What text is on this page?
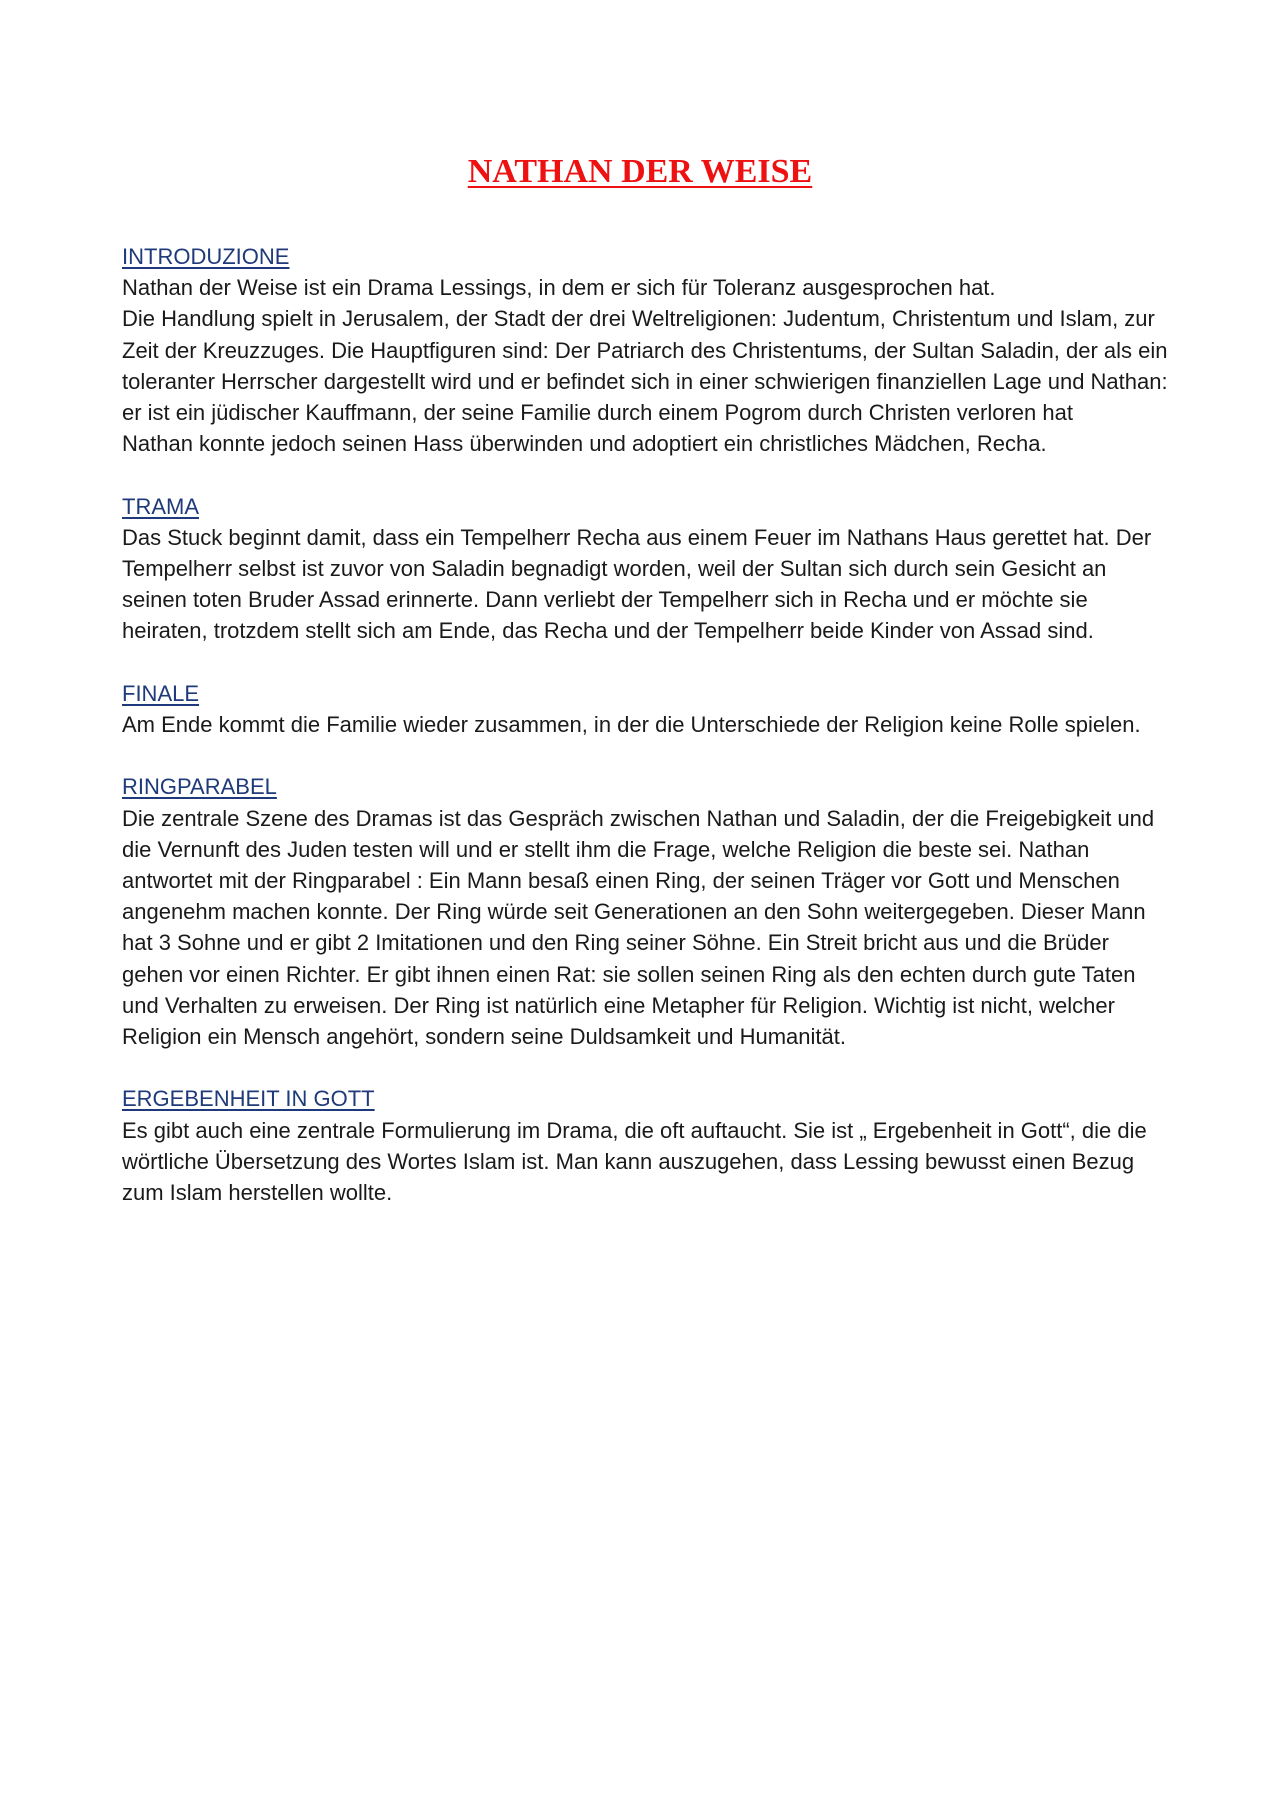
NATHAN DER WEISE
INTRODUZIONE
Nathan der Weise ist ein Drama Lessings, in dem er sich für Toleranz ausgesprochen hat.
Die Handlung spielt in Jerusalem, der Stadt der drei Weltreligionen: Judentum, Christentum und Islam, zur Zeit der Kreuzzuges. Die Hauptfiguren sind: Der Patriarch des Christentums, der Sultan Saladin, der als ein toleranter Herrscher dargestellt wird und er befindet sich in einer schwierigen finanziellen Lage und Nathan: er ist ein jüdischer Kauffmann, der seine Familie durch einem Pogrom durch Christen verloren hat
Nathan konnte jedoch seinen Hass überwinden und adoptiert ein christliches Mädchen, Recha.
TRAMA
Das Stuck beginnt damit, dass ein Tempelherr Recha aus einem Feuer im Nathans Haus gerettet hat. Der Tempelherr selbst ist zuvor von Saladin begnadigt worden, weil der Sultan sich durch sein Gesicht an seinen toten Bruder Assad erinnerte. Dann verliebt der Tempelherr sich in Recha und er möchte sie heiraten, trotzdem stellt sich am Ende, das Recha und der Tempelherr beide Kinder von Assad sind.
FINALE
Am Ende kommt die Familie wieder zusammen, in der die Unterschiede der Religion keine Rolle spielen.
RINGPARABEL
Die zentrale Szene des Dramas ist das Gespräch zwischen Nathan und Saladin, der die Freigebigkeit und die Vernunft des Juden testen will und er stellt ihm die Frage, welche Religion die beste sei. Nathan antwortet mit der Ringparabel : Ein Mann besaß einen Ring, der seinen Träger vor Gott und Menschen angenehm machen konnte. Der Ring würde seit Generationen an den Sohn weitergegeben. Dieser Mann hat 3 Sohne und er gibt 2 Imitationen und den Ring seiner Söhne. Ein Streit bricht aus und die Brüder gehen vor einen Richter. Er gibt ihnen einen Rat: sie sollen seinen Ring als den echten durch gute Taten und Verhalten zu erweisen. Der Ring ist natürlich eine Metapher für Religion. Wichtig ist nicht, welcher Religion ein Mensch angehört, sondern seine Duldsamkeit und Humanität.
ERGEBENHEIT IN GOTT
Es gibt auch eine zentrale Formulierung im Drama, die oft auftaucht. Sie ist „ Ergebenheit in Gott“, die die wörtliche Übersetzung des Wortes Islam ist. Man kann auszugehen, dass Lessing bewusst einen Bezug zum Islam herstellen wollte.
